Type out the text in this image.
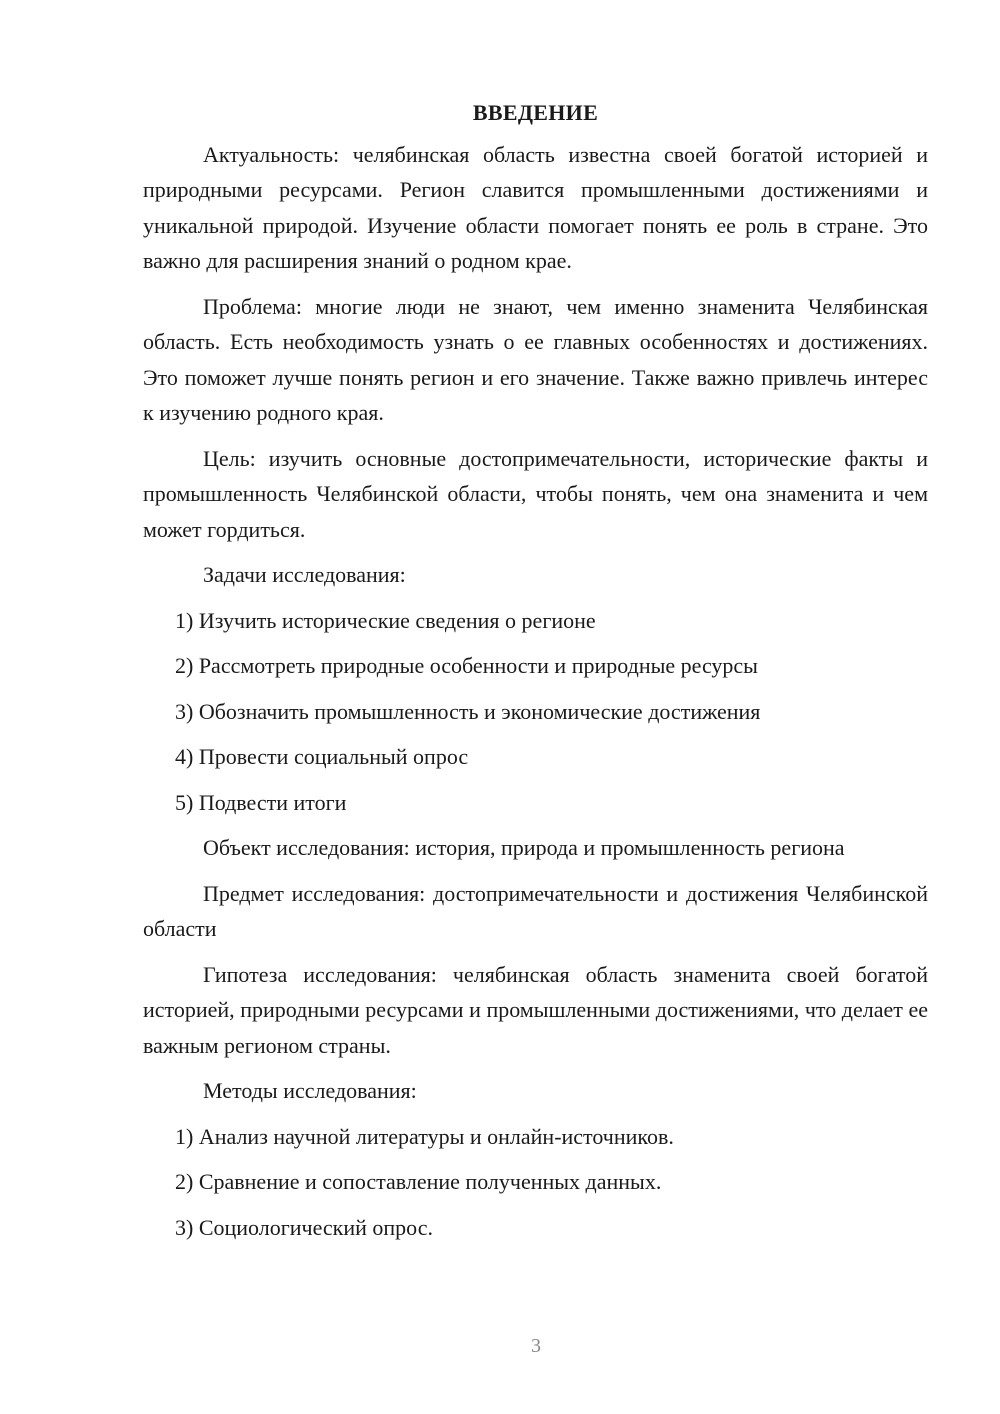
ВВЕДЕНИЕ

Актуальность: челябинская область известна своей богатой историей и природными ресурсами. Регион славится промышленными достижениями и уникальной природой. Изучение области помогает понять ее роль в стране. Это важно для расширения знаний о родном крае.

Проблема: многие люди не знают, чем именно знаменита Челябинская область. Есть необходимость узнать о ее главных особенностях и достижениях. Это поможет лучше понять регион и его значение. Также важно привлечь интерес к изучению родного края.

Цель: изучить основные достопримечательности, исторические факты и промышленность Челябинской области, чтобы понять, чем она знаменита и чем может гордиться.

Задачи исследования:
1) Изучить исторические сведения о регионе
2) Рассмотреть природные особенности и природные ресурсы
3) Обозначить промышленность и экономические достижения
4) Провести социальный опрос
5) Подвести итоги

Объект исследования: история, природа и промышленность региона

Предмет исследования: достопримечательности и достижения Челябинской области

Гипотеза исследования: челябинская область знаменита своей богатой историей, природными ресурсами и промышленными достижениями, что делает ее важным регионом страны.

Методы исследования:
1) Анализ научной литературы и онлайн-источников.
2) Сравнение и сопоставление полученных данных.
3) Социологический опрос.
3
